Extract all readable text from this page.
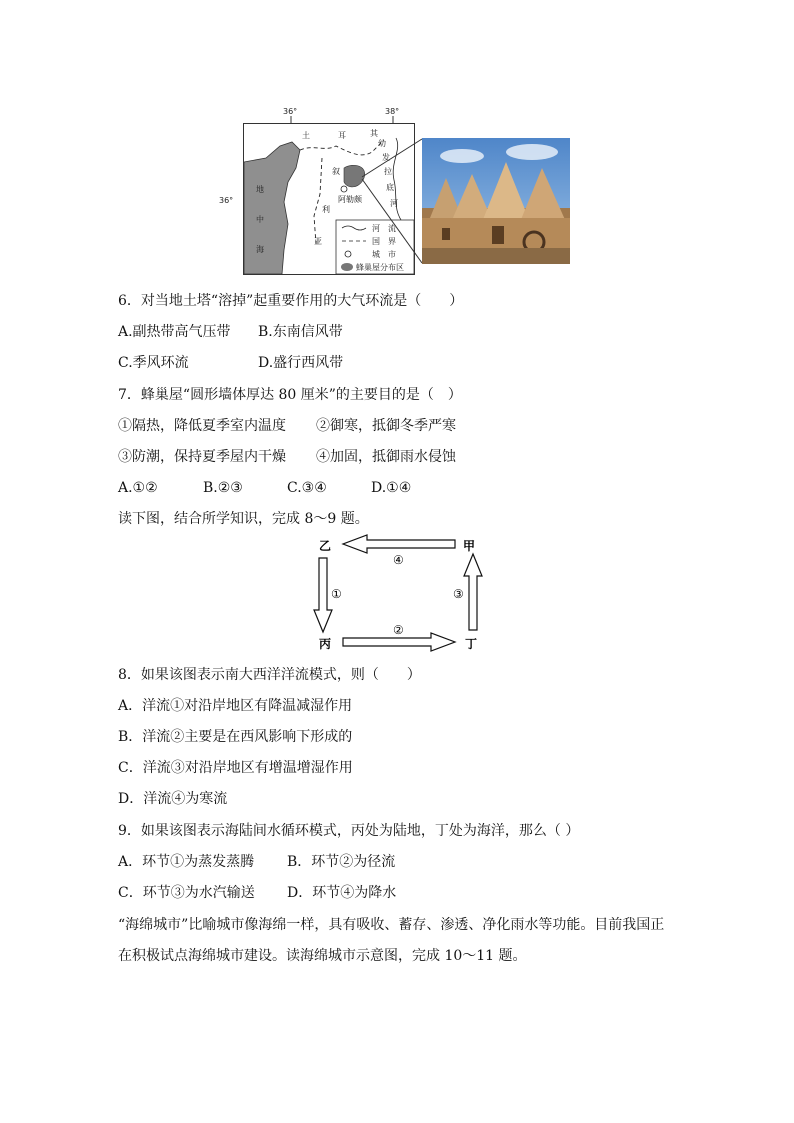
36°	38°
36°
地
中
海
阿勒颇
土	耳	其
叙
利
亚
幼
发
拉
底
河
河　流
国　界
城　市
蜂巢屋分布区
6．对当地土塔“溶掉”起重要作用的大气环流是（　　）
A.副热带高气压带 B.东南信风带
C.季风环流	D.盛行西风带
7．蜂巢屋“圆形墙体厚达 80 厘米”的主要目的是（　）
①隔热，降低夏季室内温度 ②御寒，抵御冬季严寒
③防潮，保持夏季屋内干燥 ④加固，抵御雨水侵蚀
A.①②	B.②③	C.③④	D.①④
读下图，结合所学知识，完成 8～9 题。
乙	甲
丙	丁
④
①
②
③
8．如果该图表示南大西洋洋流模式，则（　　）
A．洋流①对沿岸地区有降温减湿作用
B．洋流②主要是在西风影响下形成的
C．洋流③对沿岸地区有增温增湿作用
D．洋流④为寒流
9．如果该图表示海陆间水循环模式，丙处为陆地，丁处为海洋，那么（ ）
A．环节①为蒸发蒸腾 B．环节②为径流
C．环节③为水汽输送 D．环节④为降水
“海绵城市”比喻城市像海绵一样，具有吸收、蓄存、渗透、净化雨水等功能。目前我国正
在积极试点海绵城市建设。读海绵城市示意图，完成 10～11 题。
